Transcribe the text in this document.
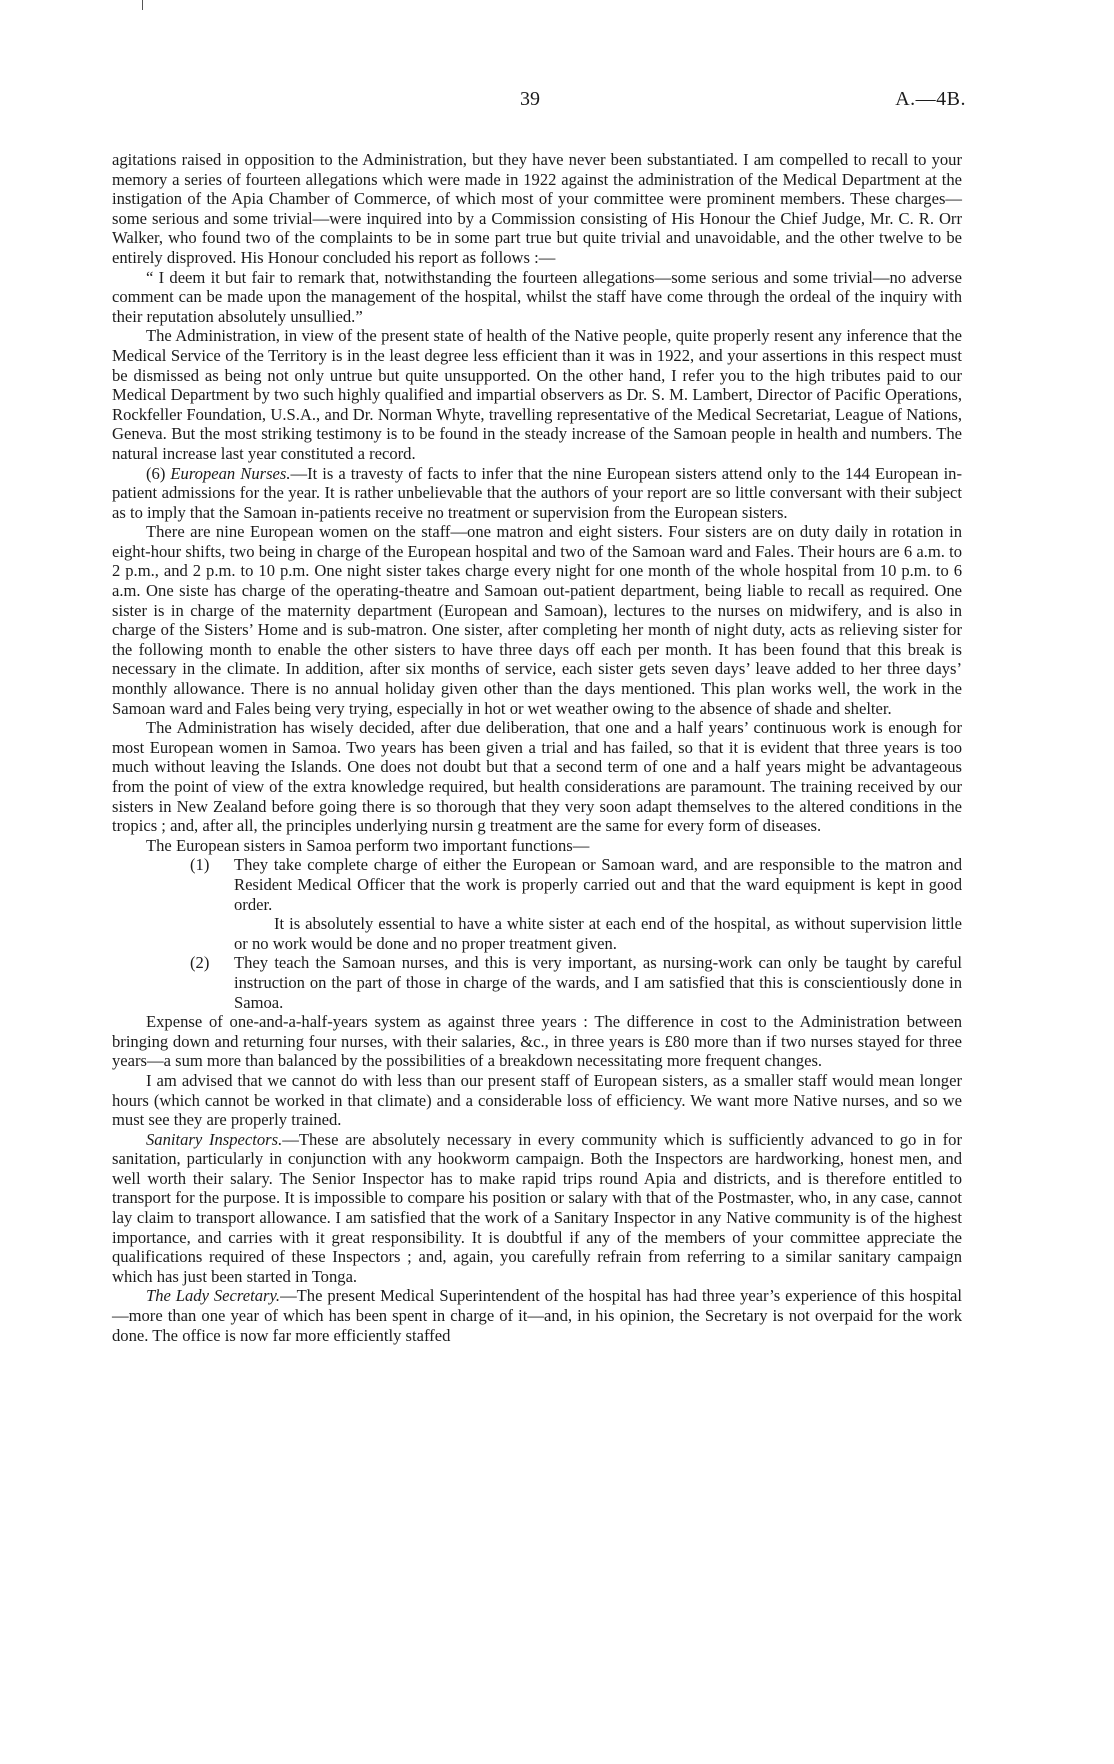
39	A.—4B.

agitations raised in opposition to the Administration, but they have never been substantiated. I am compelled to recall to your memory a series of fourteen allegations which were made in 1922 against the administration of the Medical Department at the instigation of the Apia Chamber of Commerce, of which most of your committee were prominent members. These charges—some serious and some trivial—were inquired into by a Commission consisting of His Honour the Chief Judge, Mr. C. R. Orr Walker, who found two of the complaints to be in some part true but quite trivial and unavoidable, and the other twelve to be entirely disproved. His Honour concluded his report as follows :—

“ I deem it but fair to remark that, notwithstanding the fourteen allegations—some serious and some trivial—no adverse comment can be made upon the management of the hospital, whilst the staff have come through the ordeal of the inquiry with their reputation absolutely unsullied.”

The Administration, in view of the present state of health of the Native people, quite properly resent any inference that the Medical Service of the Territory is in the least degree less efficient than it was in 1922, and your assertions in this respect must be dismissed as being not only untrue but quite unsupported. On the other hand, I refer you to the high tributes paid to our Medical Department by two such highly qualified and impartial observers as Dr. S. M. Lambert, Director of Pacific Operations, Rockfeller Foundation, U.S.A., and Dr. Norman Whyte, travelling representative of the Medical Secretariat, League of Nations, Geneva. But the most striking testimony is to be found in the steady increase of the Samoan people in health and numbers. The natural increase last year constituted a record.

(6) European Nurses.—It is a travesty of facts to infer that the nine European sisters attend only to the 144 European in-patient admissions for the year. It is rather unbelievable that the authors of your report are so little conversant with their subject as to imply that the Samoan in-patients receive no treatment or supervision from the European sisters.

There are nine European women on the staff—one matron and eight sisters. Four sisters are on duty daily in rotation in eight-hour shifts, two being in charge of the European hospital and two of the Samoan ward and Fales. Their hours are 6 a.m. to 2 p.m., and 2 p.m. to 10 p.m. One night sister takes charge every night for one month of the whole hospital from 10 p.m. to 6 a.m. One siste has charge of the operating-theatre and Samoan out-patient department, being liable to recall as required. One sister is in charge of the maternity department (European and Samoan), lectures to the nurses on midwifery, and is also in charge of the Sisters’ Home and is sub-matron. One sister, after completing her month of night duty, acts as relieving sister for the following month to enable the other sisters to have three days off each per month. It has been found that this break is necessary in the climate. In addition, after six months of service, each sister gets seven days’ leave added to her three days’ monthly allowance. There is no annual holiday given other than the days mentioned. This plan works well, the work in the Samoan ward and Fales being very trying, especially in hot or wet weather owing to the absence of shade and shelter.

The Administration has wisely decided, after due deliberation, that one and a half years’ continuous work is enough for most European women in Samoa. Two years has been given a trial and has failed, so that it is evident that three years is too much without leaving the Islands. One does not doubt but that a second term of one and a half years might be advantageous from the point of view of the extra knowledge required, but health considerations are paramount. The training received by our sisters in New Zealand before going there is so thorough that they very soon adapt themselves to the altered conditions in the tropics ; and, after all, the principles underlying nursin g treatment are the same for every form of diseases.

The European sisters in Samoa perform two important functions—

(1) They take complete charge of either the European or Samoan ward, and are responsible to the matron and Resident Medical Officer that the work is properly carried out and that the ward equipment is kept in good order.

It is absolutely essential to have a white sister at each end of the hospital, as without supervision little or no work would be done and no proper treatment given.

(2) They teach the Samoan nurses, and this is very important, as nursing-work can only be taught by careful instruction on the part of those in charge of the wards, and I am satisfied that this is conscientiously done in Samoa.

Expense of one-and-a-half-years system as against three years : The difference in cost to the Administration between bringing down and returning four nurses, with their salaries, &c., in three years is £80 more than if two nurses stayed for three years—a sum more than balanced by the possibilities of a breakdown necessitating more frequent changes.

I am advised that we cannot do with less than our present staff of European sisters, as a smaller staff would mean longer hours (which cannot be worked in that climate) and a considerable loss of efficiency. We want more Native nurses, and so we must see they are properly trained.

Sanitary Inspectors.—These are absolutely necessary in every community which is sufficiently advanced to go in for sanitation, particularly in conjunction with any hookworm campaign. Both the Inspectors are hardworking, honest men, and well worth their salary. The Senior Inspector has to make rapid trips round Apia and districts, and is therefore entitled to transport for the purpose. It is impossible to compare his position or salary with that of the Postmaster, who, in any case, cannot lay claim to transport allowance. I am satisfied that the work of a Sanitary Inspector in any Native community is of the highest importance, and carries with it great responsibility. It is doubtful if any of the members of your committee appreciate the qualifications required of these Inspectors ; and, again, you carefully refrain from referring to a similar sanitary campaign which has just been started in Tonga.

The Lady Secretary.—The present Medical Superintendent of the hospital has had three year’s experience of this hospital—more than one year of which has been spent in charge of it—and, in his opinion, the Secretary is not overpaid for the work done. The office is now far more efficiently staffed
